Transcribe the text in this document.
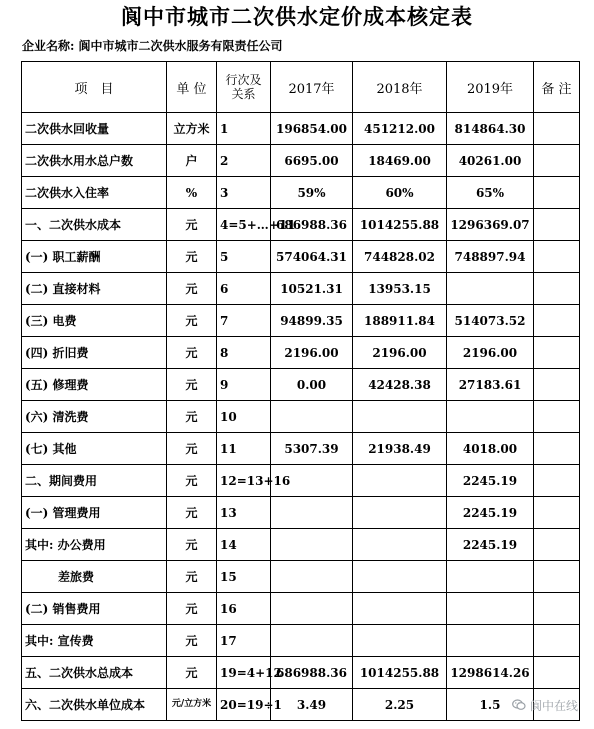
阆中市城市二次供水定价成本核定表
企业名称: 阆中市城市二次供水服务有限责任公司
项　目	单 位	行次及关系	2017年	2018年	2019年	备 注
二次供水回收量	立方米	1	196854.00	451212.00	814864.30	
二次供水用水总户数	户	2	6695.00	18469.00	40261.00	
二次供水入住率	%	3	59%	60%	65%	
一、二次供水成本	元	4=5+…+11	686988.36	1014255.88	1296369.07	
(一) 职工薪酬	元	5	574064.31	744828.02	748897.94	
(二) 直接材料	元	6	10521.31	13953.15		
(三) 电费	元	7	94899.35	188911.84	514073.52	
(四) 折旧费	元	8	2196.00	2196.00	2196.00	
(五) 修理费	元	9	0.00	42428.38	27183.61	
(六) 清洗费	元	10				
(七) 其他	元	11	5307.39	21938.49	4018.00	
二、期间费用	元	12=13+16			2245.19	
(一) 管理费用	元	13			2245.19	
其中: 办公费用	元	14			2245.19	
差旅费	元	15				
(二) 销售费用	元	16				
其中: 宣传费	元	17				
五、二次供水总成本	元	19=4+12	686988.36	1014255.88	1298614.26	
六、二次供水单位成本	元/立方米	20=19÷1	3.49	2.25	1.5	阆中在线
